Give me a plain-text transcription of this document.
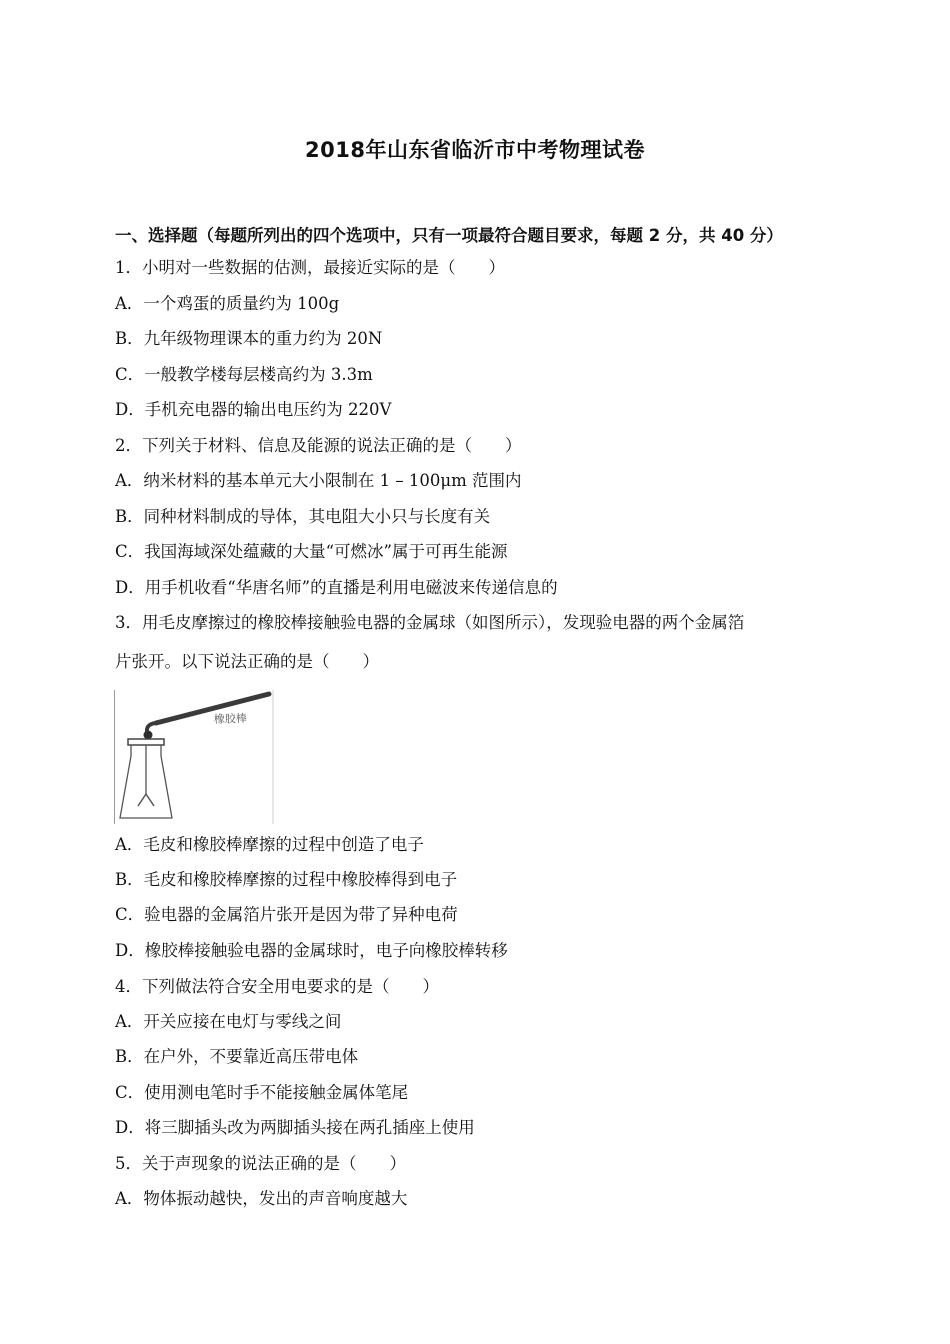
2018年山东省临沂市中考物理试卷
一、选择题（每题所列出的四个选项中，只有一项最符合题目要求，每题 2 分，共 40 分）
1．小明对一些数据的估测，最接近实际的是（　　）
A．一个鸡蛋的质量约为 100g
B．九年级物理课本的重力约为 20N
C．一般教学楼每层楼高约为 3.3m
D．手机充电器的输出电压约为 220V
2．下列关于材料、信息及能源的说法正确的是（　　）
A．纳米材料的基本单元大小限制在 1 – 100μm 范围内
B．同种材料制成的导体，其电阻大小只与长度有关
C．我国海域深处蕴藏的大量“可燃冰”属于可再生能源
D．用手机收看“华唐名师”的直播是利用电磁波来传递信息的
3．用毛皮摩擦过的橡胶棒接触验电器的金属球（如图所示），发现验电器的两个金属箔
片张开。以下说法正确的是（　　）
橡胶棒
A．毛皮和橡胶棒摩擦的过程中创造了电子
B．毛皮和橡胶棒摩擦的过程中橡胶棒得到电子
C．验电器的金属箔片张开是因为带了异种电荷
D．橡胶棒接触验电器的金属球时，电子向橡胶棒转移
4．下列做法符合安全用电要求的是（　　）
A．开关应接在电灯与零线之间
B．在户外，不要靠近高压带电体
C．使用测电笔时手不能接触金属体笔尾
D．将三脚插头改为两脚插头接在两孔插座上使用
5．关于声现象的说法正确的是（　　）
A．物体振动越快，发出的声音响度越大
